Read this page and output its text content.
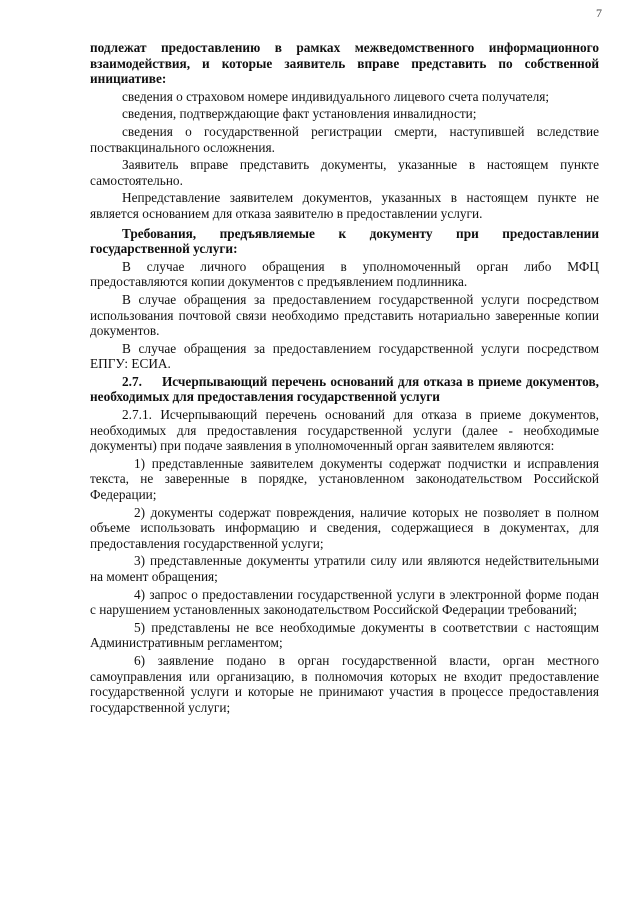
7
подлежат предоставлению в рамках межведомственного информационного взаимодействия, и которые заявитель вправе представить по собственной инициативе:
сведения о страховом номере индивидуального лицевого счета получателя;
сведения, подтверждающие факт установления инвалидности;
сведения о государственной регистрации смерти, наступившей вследствие поствакцинального осложнения.
Заявитель вправе представить документы, указанные в настоящем пункте самостоятельно.
Непредставление заявителем документов, указанных в настоящем пункте не является основанием для отказа заявителю в предоставлении услуги.
Требования, предъявляемые к документу при предоставлении государственной услуги:
В случае личного обращения в уполномоченный орган либо МФЦ предоставляются копии документов с предъявлением подлинника.
В случае обращения за предоставлением государственной услуги посредством использования почтовой связи необходимо представить нотариально заверенные копии документов.
В случае обращения за предоставлением государственной услуги посредством ЕПГУ: ЕСИА.
2.7. Исчерпывающий перечень оснований для отказа в приеме документов, необходимых для предоставления государственной услуги
2.7.1. Исчерпывающий перечень оснований для отказа в приеме документов, необходимых для предоставления государственной услуги (далее - необходимые документы) при подаче заявления в уполномоченный орган заявителем являются:
1) представленные заявителем документы содержат подчистки и исправления текста, не заверенные в порядке, установленном законодательством Российской Федерации;
2) документы содержат повреждения, наличие которых не позволяет в полном объеме использовать информацию и сведения, содержащиеся в документах, для предоставления государственной услуги;
3) представленные документы утратили силу или являются недействительными на момент обращения;
4) запрос о предоставлении государственной услуги в электронной форме подан с нарушением установленных законодательством Российской Федерации требований;
5) представлены не все необходимые документы в соответствии с настоящим Административным регламентом;
6) заявление подано в орган государственной власти, орган местного самоуправления или организацию, в полномочия которых не входит предоставление государственной услуги и которые не принимают участия в процессе предоставления государственной услуги;
